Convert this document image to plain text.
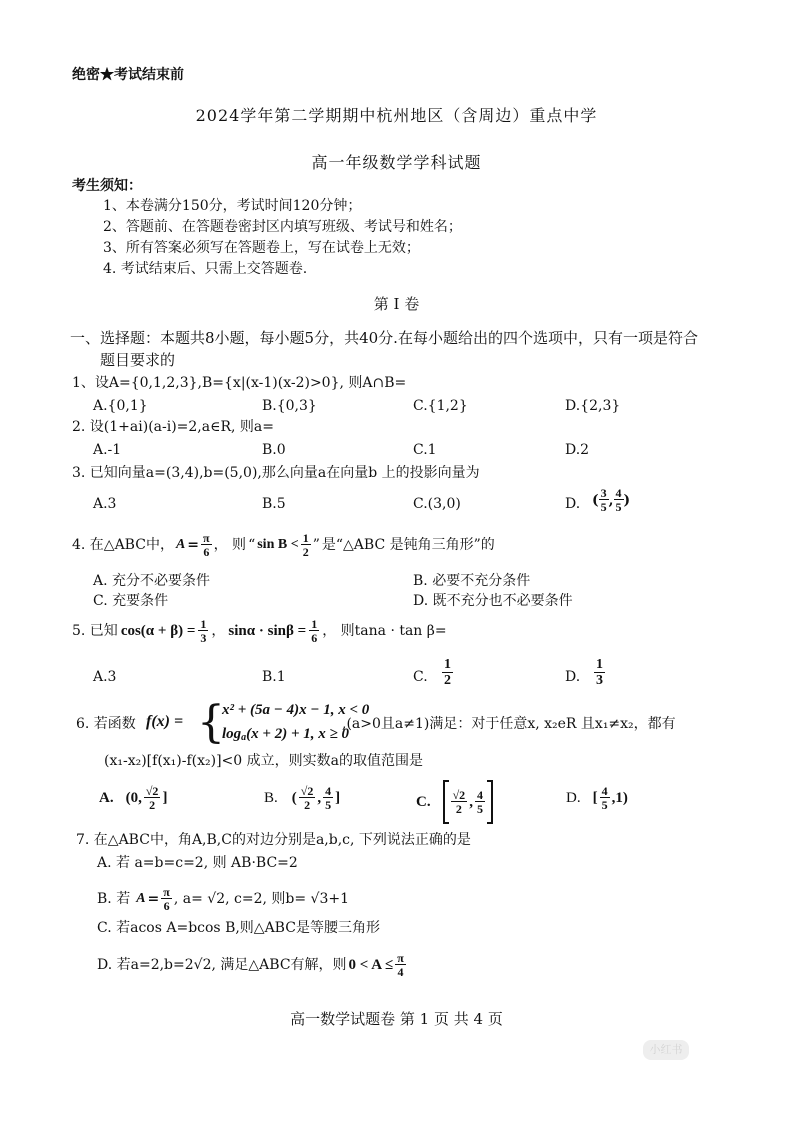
绝密★考试结束前
2024学年第二学期期中杭州地区（含周边）重点中学
高一年级数学学科试题
考生须知：
1、本卷满分150分，考试时间120分钟；
2、答题前、在答题卷密封区内填写班级、考试号和姓名；
3、所有答案必须写在答题卷上，写在试卷上无效；
4. 考试结束后、只需上交答题卷.
第 I 卷
一、选择题：本题共8小题，每小题5分，共40分.在每小题给出的四个选项中，只有一项是符合
题目要求的
1、设A={0,1,2,3},B={x|(x-1)(x-2)>0}, 则A∩B=
A.{0,1}	B.{0,3}	C.{1,2}	D.{2,3}
2. 设(1+ai)(a-i)=2,a∈R, 则a=
A.-1	B.0	C.1	D.2
3. 已知向量a=(3,4),b=(5,0),那么向量a在向量b 上的投影向量为
A.3	B.5	C.(3,0)	D. ( $\frac{3}{5}$ , $\frac{4}{5}$ )
4. 在△ABC中， $A = \frac{\pi}{6}$ ， 则 “ $\sin B < \frac{1}{2}$ ” 是“△ABC 是钝角三角形”的
A. 充分不必要条件	B. 必要不充分条件
C. 充要条件	D. 既不充分也不必要条件
5. 已知 $\cos(\alpha + \beta) = \frac{1}{3}$ ， $\sin\alpha \cdot \sin\beta = \frac{1}{6}$ ， 则tana · tan β=
A.3	B.1	C. $\frac{1}{2}$	D. $\frac{1}{3}$
6. 若函数 f(x) = {
x² + (5a − 4)x − 1, x < 0
$\log_a(x + 2) + 1$, x ≥ 0
,(a>0且a≠1)满足：对于任意x, x₂eR 且x₁≠x₂，都有
(x₁-x₂)[f(x₁)-f(x₂)]<0 成立，则实数a的取值范围是
A. (0, $\frac{√2}{2}$ ]	B. ( $\frac{√2}{2}$ , $\frac{4}{5}$ ]	C. $\frac{√2}{2}$ , $\frac{4}{5}$	D. [ $\frac{4}{5} ,1$)
7. 在△ABC中，角A,B,C的对边分别是a,b,c, 下列说法正确的是
A. 若 a=b=c=2, 则 AB·BC=2
B. 若 $A = \frac{\pi}{6}$ , a= √2, c=2, 则b= √3+1
C. 若acos A=bcos B,则△ABC是等腰三角形
D. 若a=2,b=2√2, 满足△ABC有解，则 $0 < A \le \frac{\pi}{4}$
高一数学试题卷 第 1 页 共 4 页
小红书
